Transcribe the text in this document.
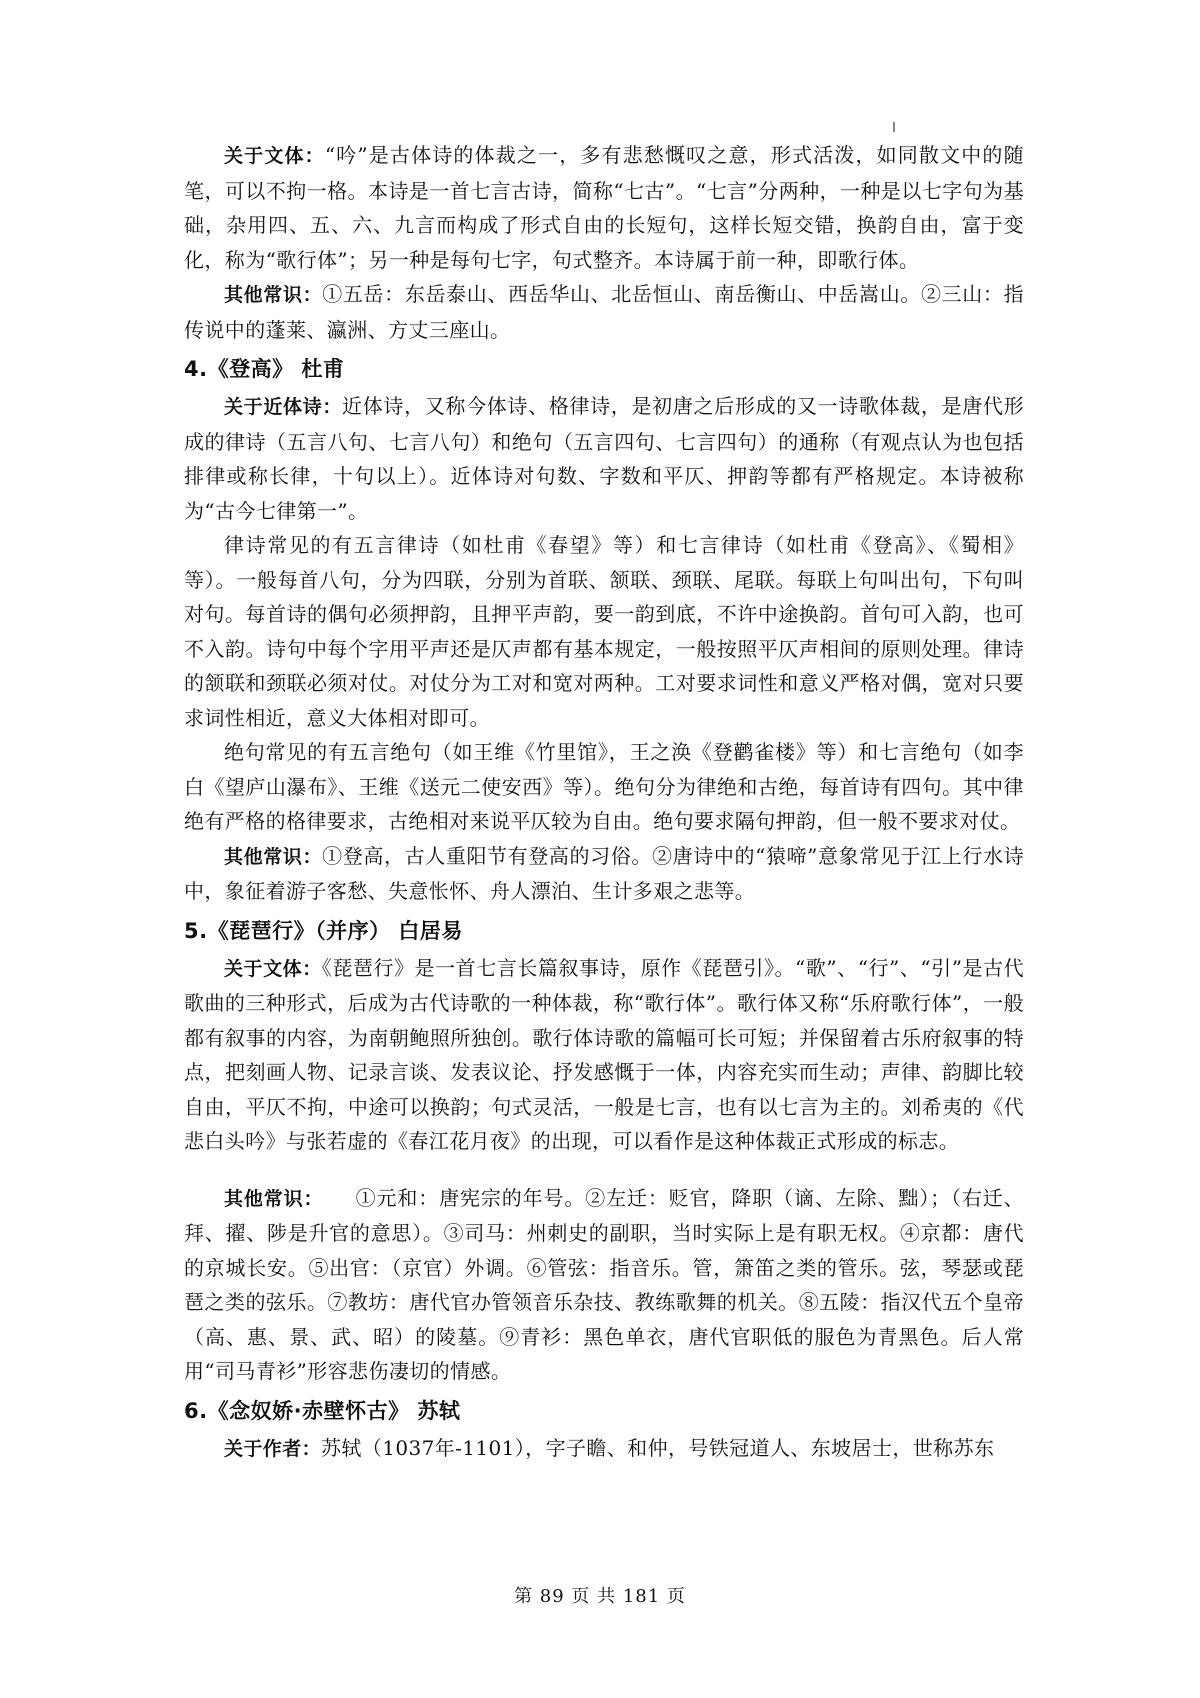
关于文体：“吟”是古体诗的体裁之一，多有悲愁慨叹之意，形式活泼，如同散文中的随笔，可以不拘一格。本诗是一首七言古诗，简称“七古”。“七言”分两种，一种是以七字句为基础，杂用四、五、六、九言而构成了形式自由的长短句，这样长短交错，换韵自由，富于变化，称为“歌行体”；另一种是每句七字，句式整齐。本诗属于前一种，即歌行体。

其他常识：①五岳：东岳泰山、西岳华山、北岳恒山、南岳衡山、中岳嵩山。②三山：指传说中的蓬莱、瀛洲、方丈三座山。

4.《登高》 杜甫

关于近体诗：近体诗，又称今体诗、格律诗，是初唐之后形成的又一诗歌体裁，是唐代形成的律诗（五言八句、七言八句）和绝句（五言四句、七言四句）的通称（有观点认为也包括排律或称长律，十句以上）。近体诗对句数、字数和平仄、押韵等都有严格规定。本诗被称为“古今七律第一”。

律诗常见的有五言律诗（如杜甫《春望》等）和七言律诗（如杜甫《登高》、《蜀相》等）。一般每首八句，分为四联，分别为首联、颔联、颈联、尾联。每联上句叫出句，下句叫对句。每首诗的偶句必须押韵，且押平声韵，要一韵到底，不许中途换韵。首句可入韵，也可不入韵。诗句中每个字用平声还是仄声都有基本规定，一般按照平仄声相间的原则处理。律诗的颔联和颈联必须对仗。对仗分为工对和宽对两种。工对要求词性和意义严格对偶，宽对只要求词性相近，意义大体相对即可。

绝句常见的有五言绝句（如王维《竹里馆》，王之涣《登鹳雀楼》等）和七言绝句（如李白《望庐山瀑布》、王维《送元二使安西》等）。绝句分为律绝和古绝，每首诗有四句。其中律绝有严格的格律要求，古绝相对来说平仄较为自由。绝句要求隔句押韵，但一般不要求对仗。

其他常识：①登高，古人重阳节有登高的习俗。②唐诗中的“猿啼”意象常见于江上行水诗中，象征着游子客愁、失意怅怀、舟人漂泊、生计多艰之悲等。

5.《琵琶行》（并序） 白居易

关于文体：《琵琶行》是一首七言长篇叙事诗，原作《琵琶引》。“歌”、“行”、“引”是古代歌曲的三种形式，后成为古代诗歌的一种体裁，称“歌行体”。歌行体又称“乐府歌行体”，一般都有叙事的内容，为南朝鲍照所独创。歌行体诗歌的篇幅可长可短；并保留着古乐府叙事的特点，把刻画人物、记录言谈、发表议论、抒发感慨于一体，内容充实而生动；声律、韵脚比较自由，平仄不拘，中途可以换韵；句式灵活，一般是七言，也有以七言为主的。刘希夷的《代悲白头吟》与张若虚的《春江花月夜》的出现，可以看作是这种体裁正式形成的标志。

其他常识：　　①元和：唐宪宗的年号。②左迁：贬官，降职（谪、左除、黜）；（右迁、拜、擢、陟是升官的意思）。③司马：州刺史的副职，当时实际上是有职无权。④京都：唐代的京城长安。⑤出官：（京官）外调。⑥管弦：指音乐。管，箫笛之类的管乐。弦，琴瑟或琵琶之类的弦乐。⑦教坊：唐代官办管领音乐杂技、教练歌舞的机关。⑧五陵：指汉代五个皇帝（高、惠、景、武、昭）的陵墓。⑨青衫：黑色单衣，唐代官职低的服色为青黑色。后人常用“司马青衫”形容悲伤凄切的情感。

6.《念奴娇·赤壁怀古》 苏轼

关于作者：苏轼（1037年-1101），字子瞻、和仲，号铁冠道人、东坡居士，世称苏东

第 89 页 共 181 页
